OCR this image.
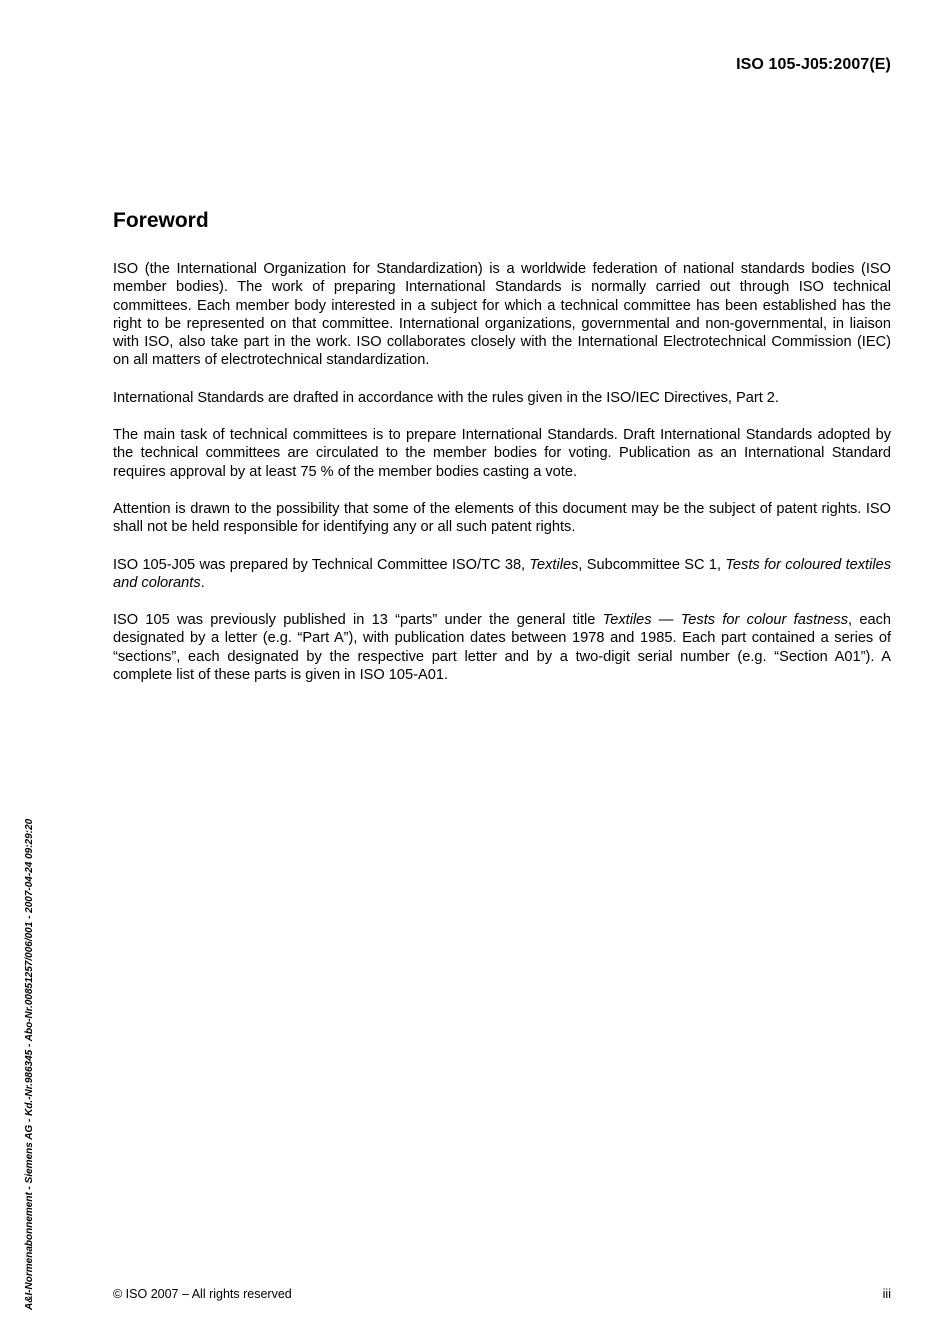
ISO 105-J05:2007(E)
Foreword

ISO (the International Organization for Standardization) is a worldwide federation of national standards bodies (ISO member bodies). The work of preparing International Standards is normally carried out through ISO technical committees. Each member body interested in a subject for which a technical committee has been established has the right to be represented on that committee. International organizations, governmental and non-governmental, in liaison with ISO, also take part in the work. ISO collaborates closely with the International Electrotechnical Commission (IEC) on all matters of electrotechnical standardization.

International Standards are drafted in accordance with the rules given in the ISO/IEC Directives, Part 2.

The main task of technical committees is to prepare International Standards. Draft International Standards adopted by the technical committees are circulated to the member bodies for voting. Publication as an International Standard requires approval by at least 75 % of the member bodies casting a vote.

Attention is drawn to the possibility that some of the elements of this document may be the subject of patent rights. ISO shall not be held responsible for identifying any or all such patent rights.

ISO 105-J05 was prepared by Technical Committee ISO/TC 38, Textiles, Subcommittee SC 1, Tests for coloured textiles and colorants.

ISO 105 was previously published in 13 “parts” under the general title Textiles — Tests for colour fastness, each designated by a letter (e.g. “Part A”), with publication dates between 1978 and 1985. Each part contained a series of “sections”, each designated by the respective part letter and by a two-digit serial number (e.g. “Section A01”). A complete list of these parts is given in ISO 105-A01.

A&I-Normenabonnement - Siemens AG - Kd.-Nr.986345 - Abo-Nr.00851257/006/001 - 2007-04-24 09:29:20	© ISO 2007 – All rights reserved	iii
